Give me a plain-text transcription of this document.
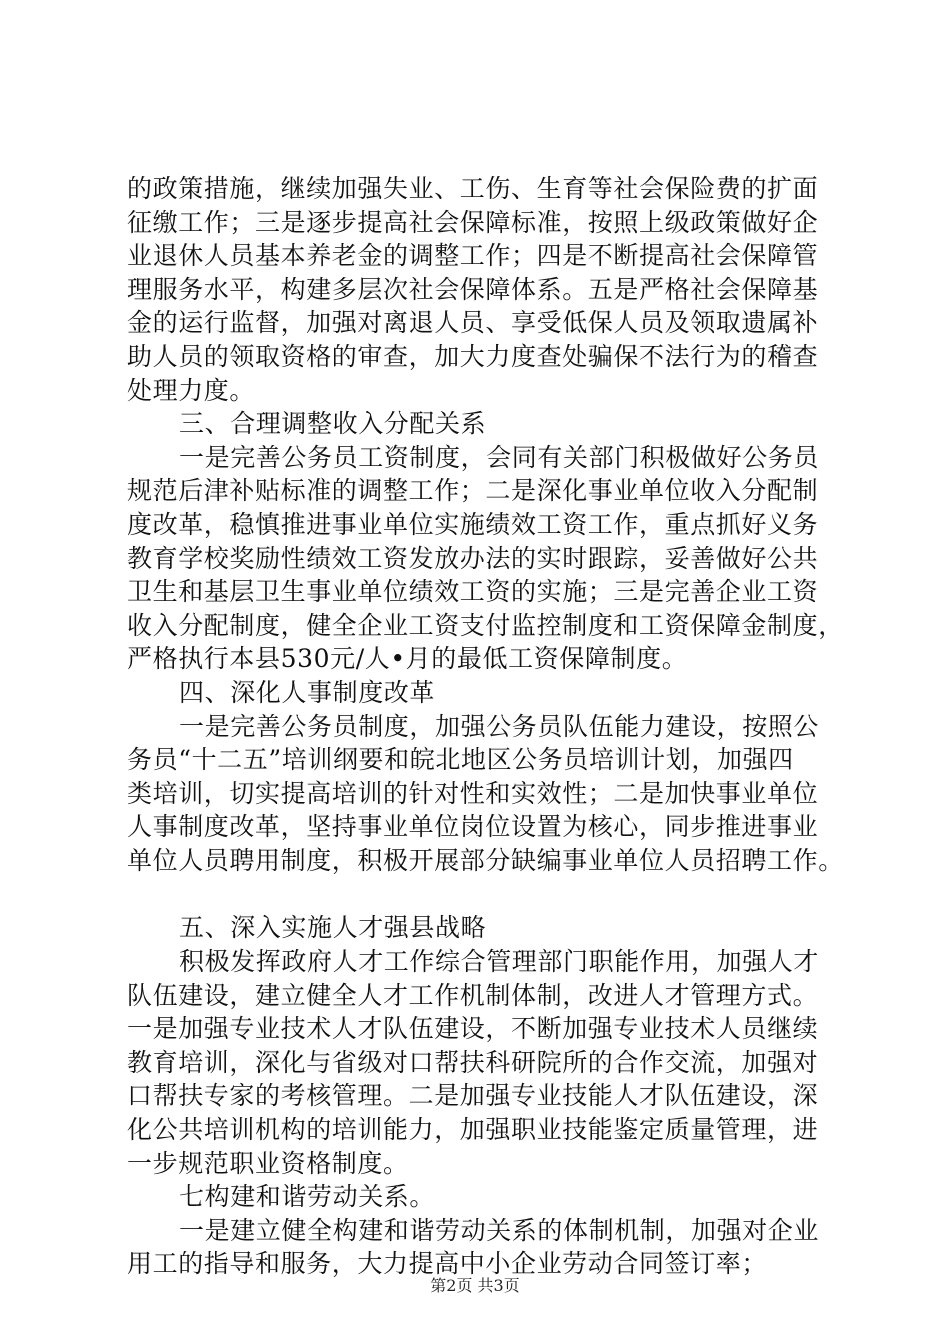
的政策措施，继续加强失业、工伤、生育等社会保险费的扩面
征缴工作；三是逐步提高社会保障标准，按照上级政策做好企
业退休人员基本养老金的调整工作；四是不断提高社会保障管
理服务水平，构建多层次社会保障体系。五是严格社会保障基
金的运行监督，加强对离退人员、享受低保人员及领取遗属补
助人员的领取资格的审查，加大力度查处骗保不法行为的稽查
处理力度。
三、合理调整收入分配关系
一是完善公务员工资制度，会同有关部门积极做好公务员
规范后津补贴标准的调整工作；二是深化事业单位收入分配制
度改革，稳慎推进事业单位实施绩效工资工作，重点抓好义务
教育学校奖励性绩效工资发放办法的实时跟踪，妥善做好公共
卫生和基层卫生事业单位绩效工资的实施；三是完善企业工资
收入分配制度，健全企业工资支付监控制度和工资保障金制度，
严格执行本县530元/人•月的最低工资保障制度。
四、深化人事制度改革
一是完善公务员制度，加强公务员队伍能力建设，按照公
务员“十二五”培训纲要和皖北地区公务员培训计划，加强四
类培训，切实提高培训的针对性和实效性；二是加快事业单位
人事制度改革，坚持事业单位岗位设置为核心，同步推进事业
单位人员聘用制度，积极开展部分缺编事业单位人员招聘工作。
五、深入实施人才强县战略
积极发挥政府人才工作综合管理部门职能作用，加强人才
队伍建设，建立健全人才工作机制体制，改进人才管理方式。
一是加强专业技术人才队伍建设，不断加强专业技术人员继续
教育培训，深化与省级对口帮扶科研院所的合作交流，加强对
口帮扶专家的考核管理。二是加强专业技能人才队伍建设，深
化公共培训机构的培训能力，加强职业技能鉴定质量管理，进
一步规范职业资格制度。
七构建和谐劳动关系。
一是建立健全构建和谐劳动关系的体制机制，加强对企业
用工的指导和服务，大力提高中小企业劳动合同签订率；
第2页 共3页
